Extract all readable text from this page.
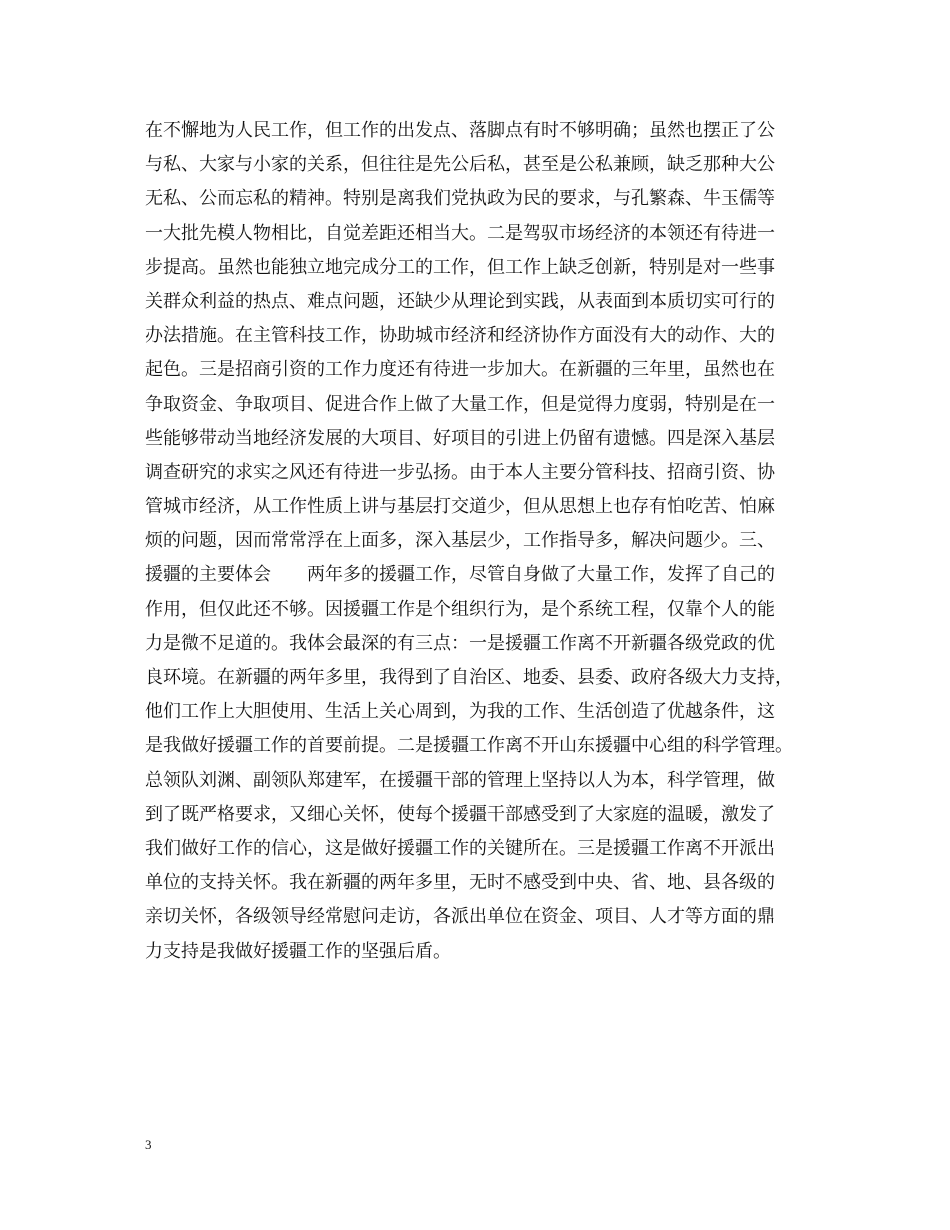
在不懈地为人民工作，但工作的出发点、落脚点有时不够明确；虽然也摆正了公
与私、大家与小家的关系，但往往是先公后私，甚至是公私兼顾，缺乏那种大公
无私、公而忘私的精神。特别是离我们党执政为民的要求，与孔繁森、牛玉儒等
一大批先模人物相比，自觉差距还相当大。二是驾驭市场经济的本领还有待进一
步提高。虽然也能独立地完成分工的工作，但工作上缺乏创新，特别是对一些事
关群众利益的热点、难点问题，还缺少从理论到实践，从表面到本质切实可行的
办法措施。在主管科技工作，协助城市经济和经济协作方面没有大的动作、大的
起色。三是招商引资的工作力度还有待进一步加大。在新疆的三年里，虽然也在
争取资金、争取项目、促进合作上做了大量工作，但是觉得力度弱，特别是在一
些能够带动当地经济发展的大项目、好项目的引进上仍留有遗憾。四是深入基层
调查研究的求实之风还有待进一步弘扬。由于本人主要分管科技、招商引资、协
管城市经济，从工作性质上讲与基层打交道少，但从思想上也存有怕吃苦、怕麻
烦的问题，因而常常浮在上面多，深入基层少，工作指导多，解决问题少。三、
援疆的主要体会　　两年多的援疆工作，尽管自身做了大量工作，发挥了自己的
作用，但仅此还不够。因援疆工作是个组织行为，是个系统工程，仅靠个人的能
力是微不足道的。我体会最深的有三点：一是援疆工作离不开新疆各级党政的优
良环境。在新疆的两年多里，我得到了自治区、地委、县委、政府各级大力支持，
他们工作上大胆使用、生活上关心周到，为我的工作、生活创造了优越条件，这
是我做好援疆工作的首要前提。二是援疆工作离不开山东援疆中心组的科学管理。
总领队刘渊、副领队郑建军，在援疆干部的管理上坚持以人为本，科学管理，做
到了既严格要求，又细心关怀，使每个援疆干部感受到了大家庭的温暖，激发了
我们做好工作的信心，这是做好援疆工作的关键所在。三是援疆工作离不开派出
单位的支持关怀。我在新疆的两年多里，无时不感受到中央、省、地、县各级的
亲切关怀，各级领导经常慰问走访，各派出单位在资金、项目、人才等方面的鼎
力支持是我做好援疆工作的坚强后盾。
3
